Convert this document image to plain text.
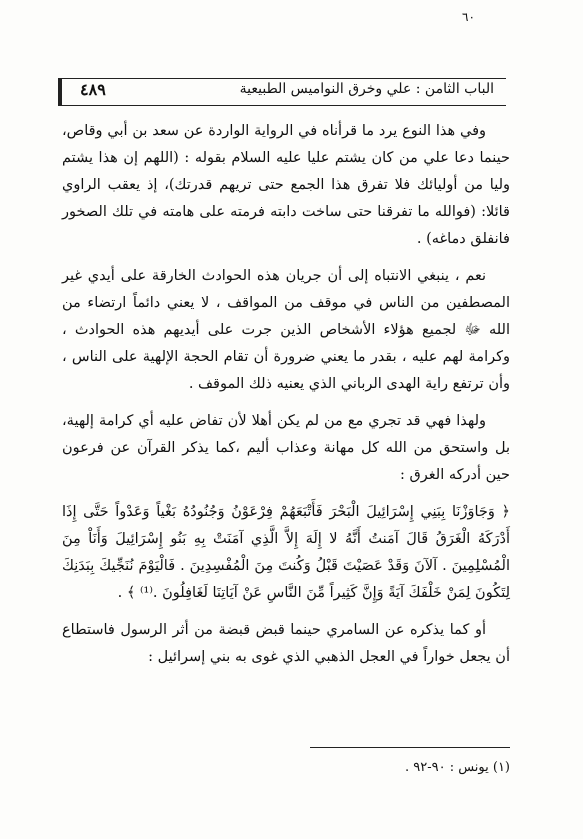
٦٠
٤٨٩	الباب الثامن : علي وخرق النواميس الطبيعية

وفي هذا النوع يرد ما قرأناه في الرواية الواردة عن سعد بن أبي وقاص، حينما دعا علي من كان يشتم عليا عليه السلام بقوله : (اللهم إن هذا يشتم وليا من أوليائك فلا تفرق هذا الجمع حتى تريهم قدرتك)، إذ يعقب الراوي قائلا: (فوالله ما تفرقنا حتى ساخت دابته فرمته على هامته في تلك الصخور فانفلق دماغه) .

نعم ، ينبغي الانتباه إلى أن جريان هذه الحوادث الخارقة على أيدي غير المصطفين من الناس في موقف من المواقف ، لا يعني دائماً ارتضاء من الله ﷻ لجميع هؤلاء الأشخاص الذين جرت على أيديهم هذه الحوادث ، وكرامة لهم عليه ، بقدر ما يعني ضرورة أن تقام الحجة الإلهية على الناس ، وأن ترتفع راية الهدى الرباني الذي يعنيه ذلك الموقف .

ولهذا فهي قد تجري مع من لم يكن أهلا لأن تفاض عليه أي كرامة إلهية، بل واستحق من الله كل مهانة وعذاب أليم ،كما يذكر القرآن عن فرعون حين أدركه الغرق :

﴿ وَجَاوَزْنَا بِبَنِي إِسْرَائِيلَ الْبَحْرَ فَأَتْبَعَهُمْ فِرْعَوْنُ وَجُنُودُهُ بَغْياً وَعَدْواً حَتَّى إِذَا أَدْرَكَهُ الْغَرَقُ قَالَ آمَنتُ أَنَّهُ لا إِلَهَ إِلاَّ الَّذِي آمَنَتْ بِهِ بَنُو إِسْرَائِيلَ وَأَنَاْ مِنَ الْمُسْلِمِينَ . آلآنَ وَقَدْ عَصَيْتَ قَبْلُ وَكُنتَ مِنَ الْمُفْسِدِينَ . فَالْيَوْمَ نُنَجِّيكَ بِبَدَنِكَ لِتَكُونَ لِمَنْ خَلْفَكَ آيَةً وَإِنَّ كَثِيراً مِّنَ النَّاسِ عَنْ آيَاتِنَا لَغَافِلُونَ .⁽¹⁾ ﴾ .

أو كما يذكره عن السامري حينما قبض قبضة من أثر الرسول فاستطاع أن يجعل خواراً في العجل الذهبي الذي غوى به بني إسرائيل :

(١) يونس : ٩٠-٩٢ .
